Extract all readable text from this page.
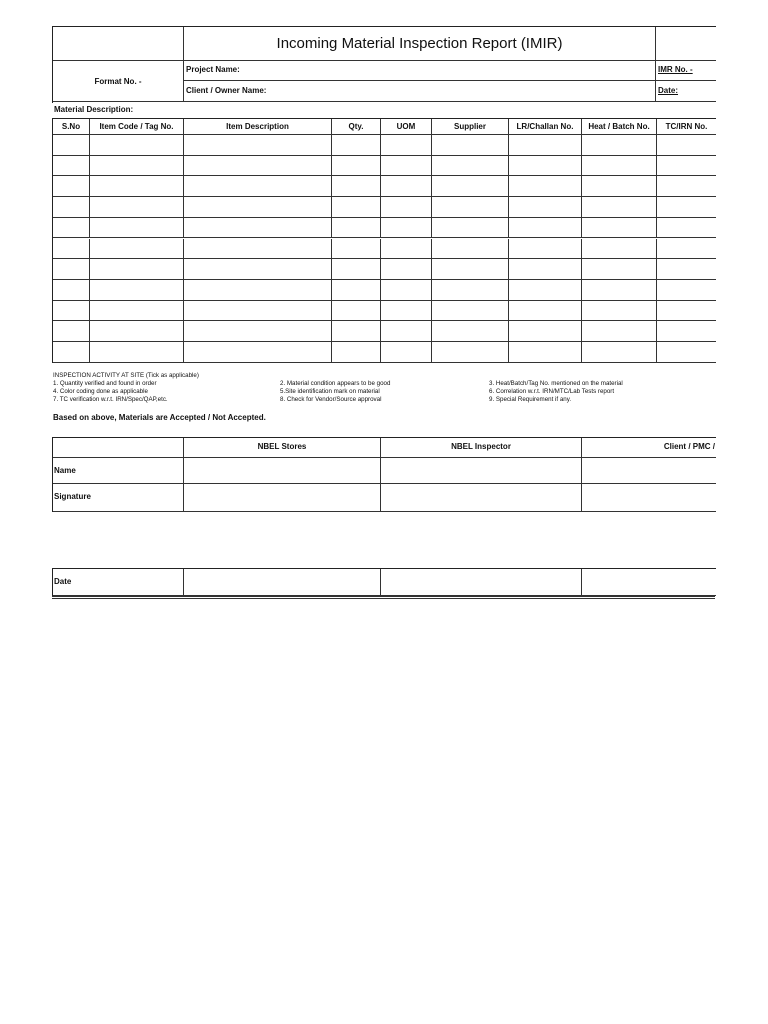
Incoming Material Inspection Report (IMIR)
Format No. -
Project Name:	IMR No. -
Client / Owner Name:	Date:
Material Description:
S.No	Item Code / Tag No.	Item Description	Qty.	UOM	Supplier	LR/Challan No.	Heat / Batch No.	TC/IRN No.
INSPECTION ACTIVITY AT SITE (Tick as applicable)
1. Quantity verified and found in order	2. Material condition appears to be good	3. Heat/Batch/Tag No. mentioned on the material
4. Color coding done as applicable	5.Site identification mark on material	6. Correlation w.r.t. IRN/MTC/Lab Tests report
7. TC verification w.r.t. IRN/Spec/QAP,etc.	8. Check for Vendor/Source approval	9. Special Requirement if any.
Based on above, Materials are Accepted / Not Accepted.
NBEL Stores	NBEL Inspector	Client / PMC /
Name
Signature
Date
